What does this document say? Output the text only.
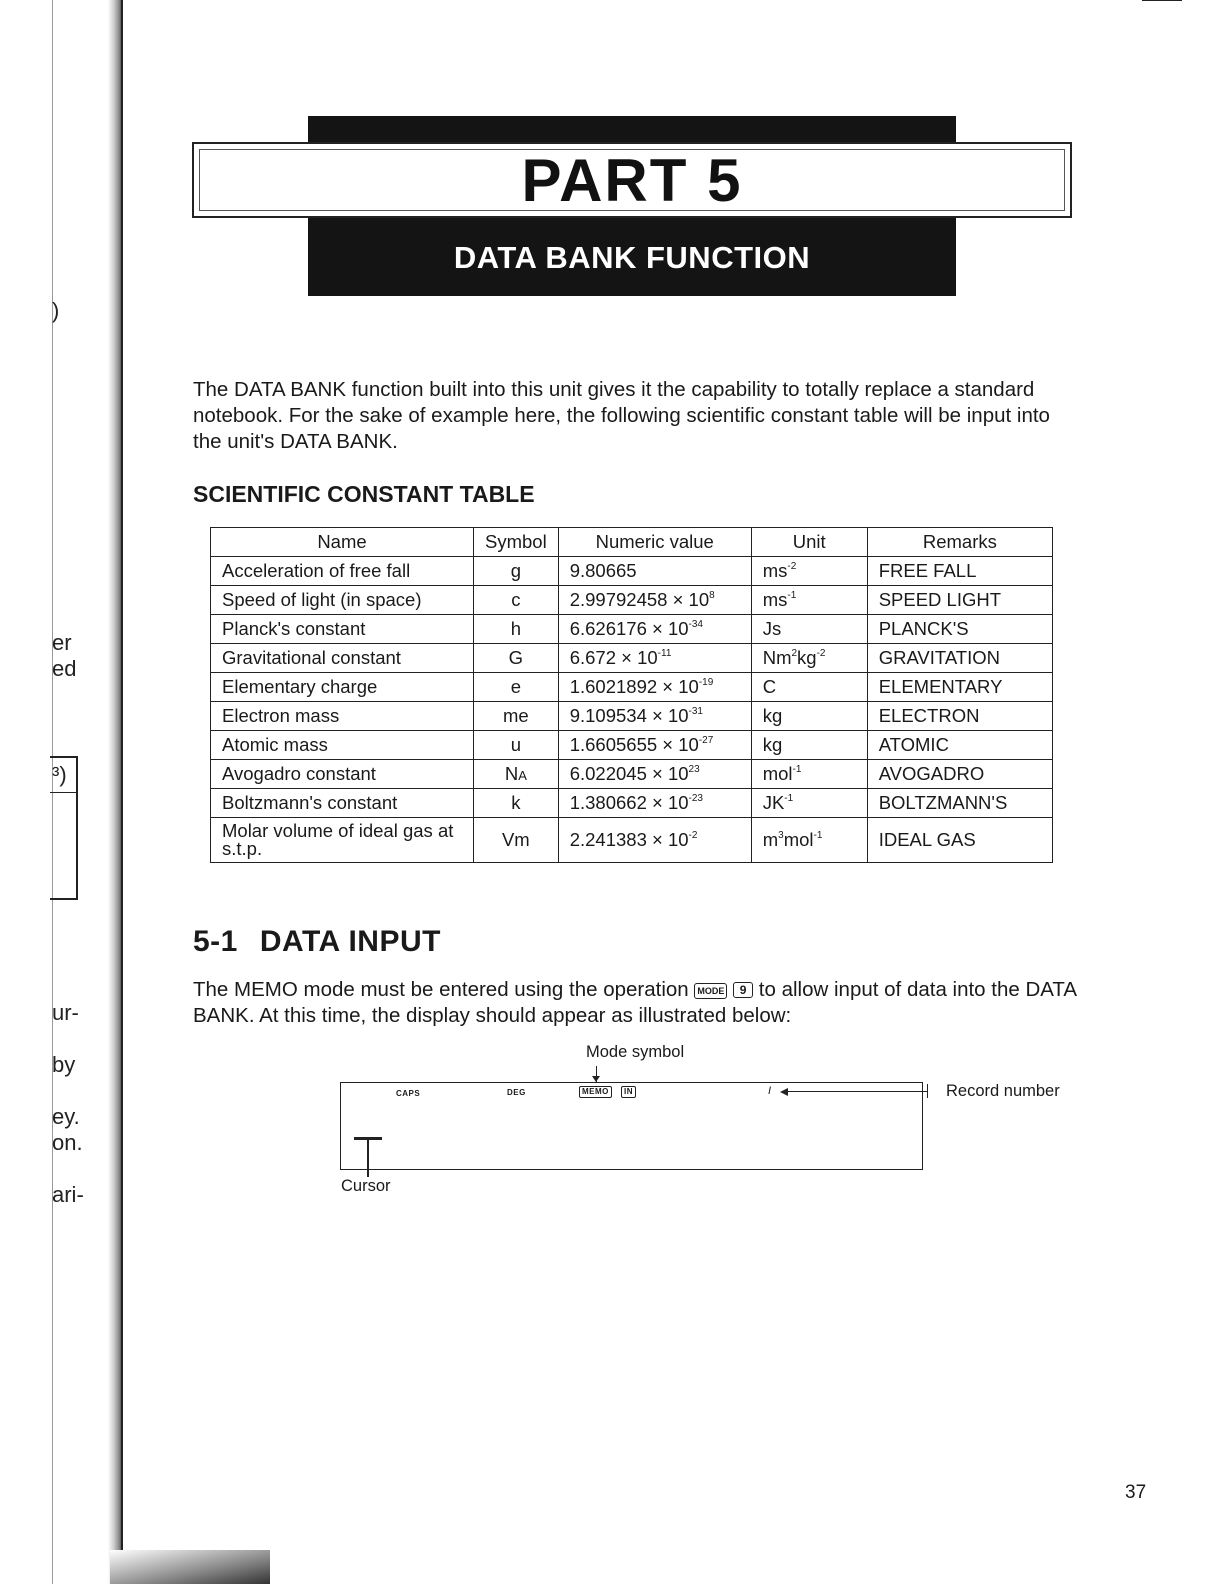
)
er
ed
³)
ur-
by
ey.
on.
ari-
PART 5
DATA BANK FUNCTION

The DATA BANK function built into this unit gives it the capability to totally replace a standard notebook. For the sake of example here, the following scientific constant table will be input into the unit's DATA BANK.

SCIENTIFIC CONSTANT TABLE
Name	Symbol	Numeric value	Unit	Remarks
Acceleration of free fall	g	9.80665	$ms^{-2}$	FREE FALL
Speed of light (in space)	c	$2.99792458 \times 10^8$	$ms^{-1}$	SPEED LIGHT
Planck's constant	h	$6.626176 \times 10^{-34}$	Js	PLANCK'S
Gravitational constant	G	$6.672 \times 10^{-11}$	$Nm^2kg^{-2}$	GRAVITATION
Elementary charge	e	$1.6021892 \times 10^{-19}$	C	ELEMENTARY
Electron mass	me	$9.109534 \times 10^{-31}$	kg	ELECTRON
Atomic mass	u	$1.6605655 \times 10^{-27}$	kg	ATOMIC
Avogadro constant	NA	$6.022045 \times 10^{23}$	mol$^{-1}$	AVOGADRO
Boltzmann's constant	k	$1.380662 \times 10^{-23}$	$JK^{-1}$	BOLTZMANN'S
Molar volume of ideal gas at s.t.p.	Vm	$2.241383 \times 10^{-2}$	$m^3mol^{-1}$	IDEAL GAS
5-1 DATA INPUT

The MEMO mode must be entered using the operation MODE 9 to allow input of data into the DATA BANK. At this time, the display should appear as illustrated below:

Mode symbol
CAPS	DEG	MEMO	IN	I	Record number
Cursor
37
